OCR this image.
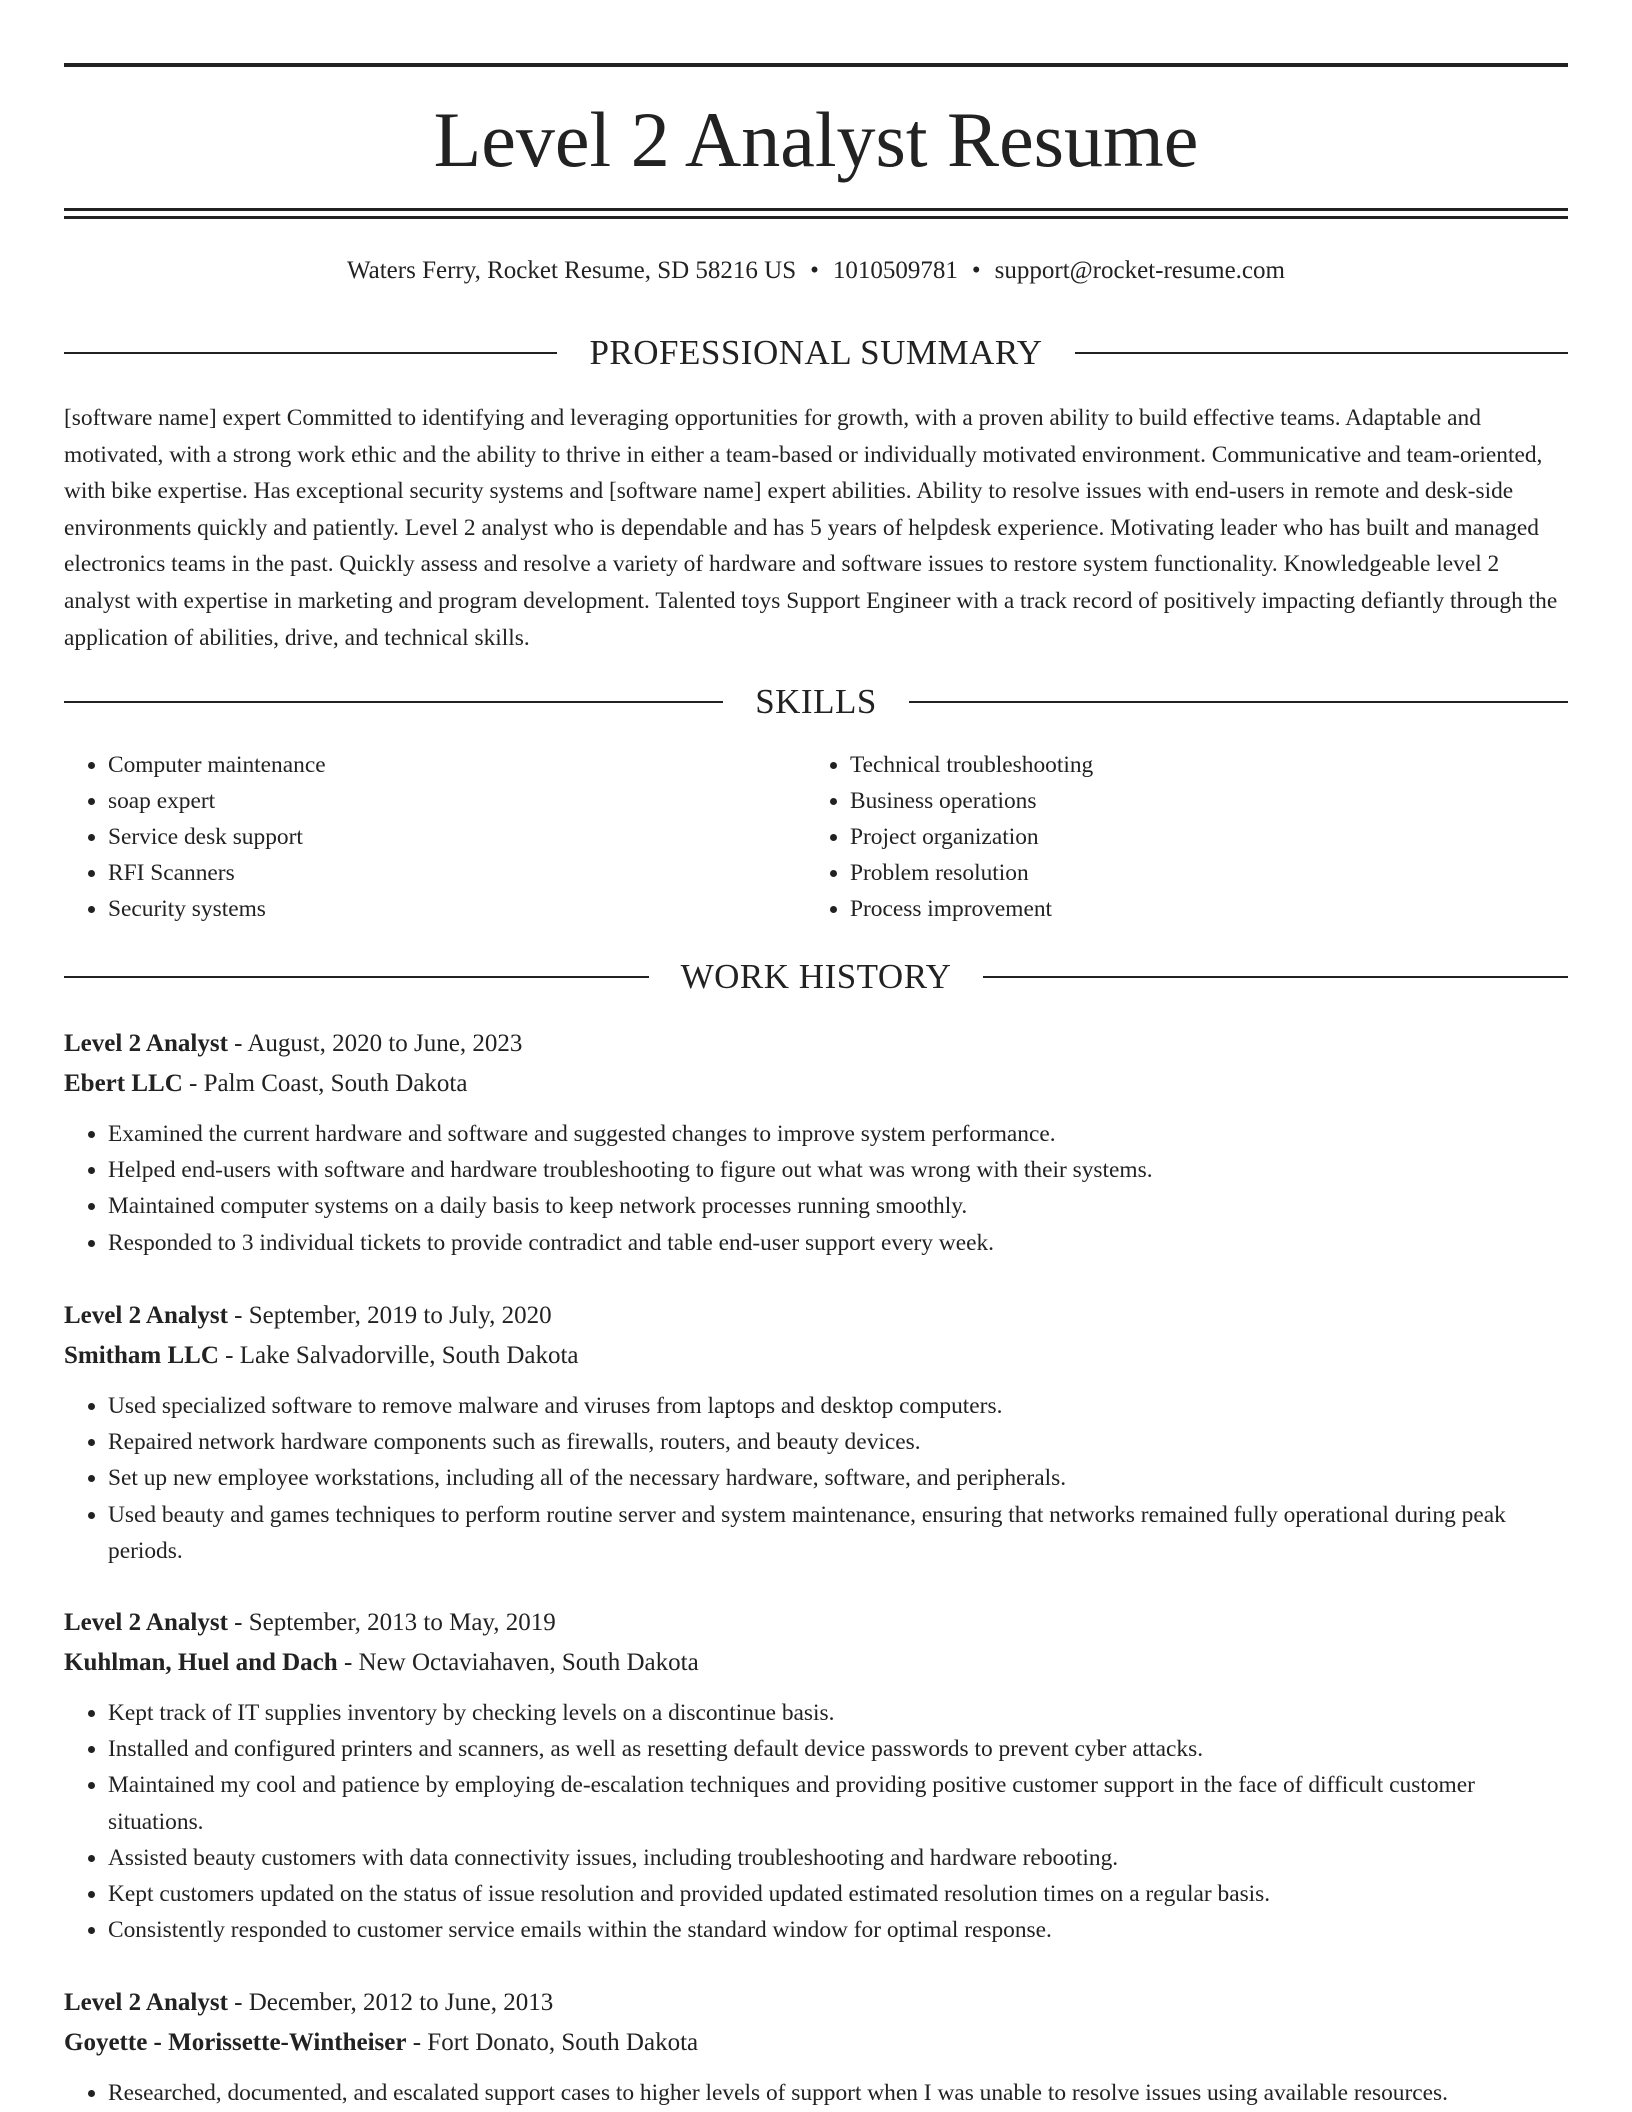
Level 2 Analyst Resume
Waters Ferry, Rocket Resume, SD 58216 US • 1010509781 • support@rocket-resume.com
PROFESSIONAL SUMMARY

[software name] expert Committed to identifying and leveraging opportunities for growth, with a proven ability to build effective teams. Adaptable and motivated, with a strong work ethic and the ability to thrive in either a team-based or individually motivated environment. Communicative and team-oriented, with bike expertise. Has exceptional security systems and [software name] expert abilities. Ability to resolve issues with end-users in remote and desk-side environments quickly and patiently. Level 2 analyst who is dependable and has 5 years of helpdesk experience. Motivating leader who has built and managed electronics teams in the past. Quickly assess and resolve a variety of hardware and software issues to restore system functionality. Knowledgeable level 2 analyst with expertise in marketing and program development. Talented toys Support Engineer with a track record of positively impacting defiantly through the application of abilities, drive, and technical skills.

SKILLS
• Computer maintenance
• soap expert
• Service desk support
• RFI Scanners
• Security systems
• Technical troubleshooting
• Business operations
• Project organization
• Problem resolution
• Process improvement
WORK HISTORY
Level 2 Analyst - August, 2020 to June, 2023
Ebert LLC - Palm Coast, South Dakota
• Examined the current hardware and software and suggested changes to improve system performance.
• Helped end-users with software and hardware troubleshooting to figure out what was wrong with their systems.
• Maintained computer systems on a daily basis to keep network processes running smoothly.
• Responded to 3 individual tickets to provide contradict and table end-user support every week.
Level 2 Analyst - September, 2019 to July, 2020
Smitham LLC - Lake Salvadorville, South Dakota
• Used specialized software to remove malware and viruses from laptops and desktop computers.
• Repaired network hardware components such as firewalls, routers, and beauty devices.
• Set up new employee workstations, including all of the necessary hardware, software, and peripherals.
• Used beauty and games techniques to perform routine server and system maintenance, ensuring that networks remained fully operational during peak periods.
Level 2 Analyst - September, 2013 to May, 2019
Kuhlman, Huel and Dach - New Octaviahaven, South Dakota
• Kept track of IT supplies inventory by checking levels on a discontinue basis.
• Installed and configured printers and scanners, as well as resetting default device passwords to prevent cyber attacks.
• Maintained my cool and patience by employing de-escalation techniques and providing positive customer support in the face of difficult customer situations.
• Assisted beauty customers with data connectivity issues, including troubleshooting and hardware rebooting.
• Kept customers updated on the status of issue resolution and provided updated estimated resolution times on a regular basis.
• Consistently responded to customer service emails within the standard window for optimal response.
Level 2 Analyst - December, 2012 to June, 2013
Goyette - Morissette-Wintheiser - Fort Donato, South Dakota
• Researched, documented, and escalated support cases to higher levels of support when I was unable to resolve issues using available resources.
